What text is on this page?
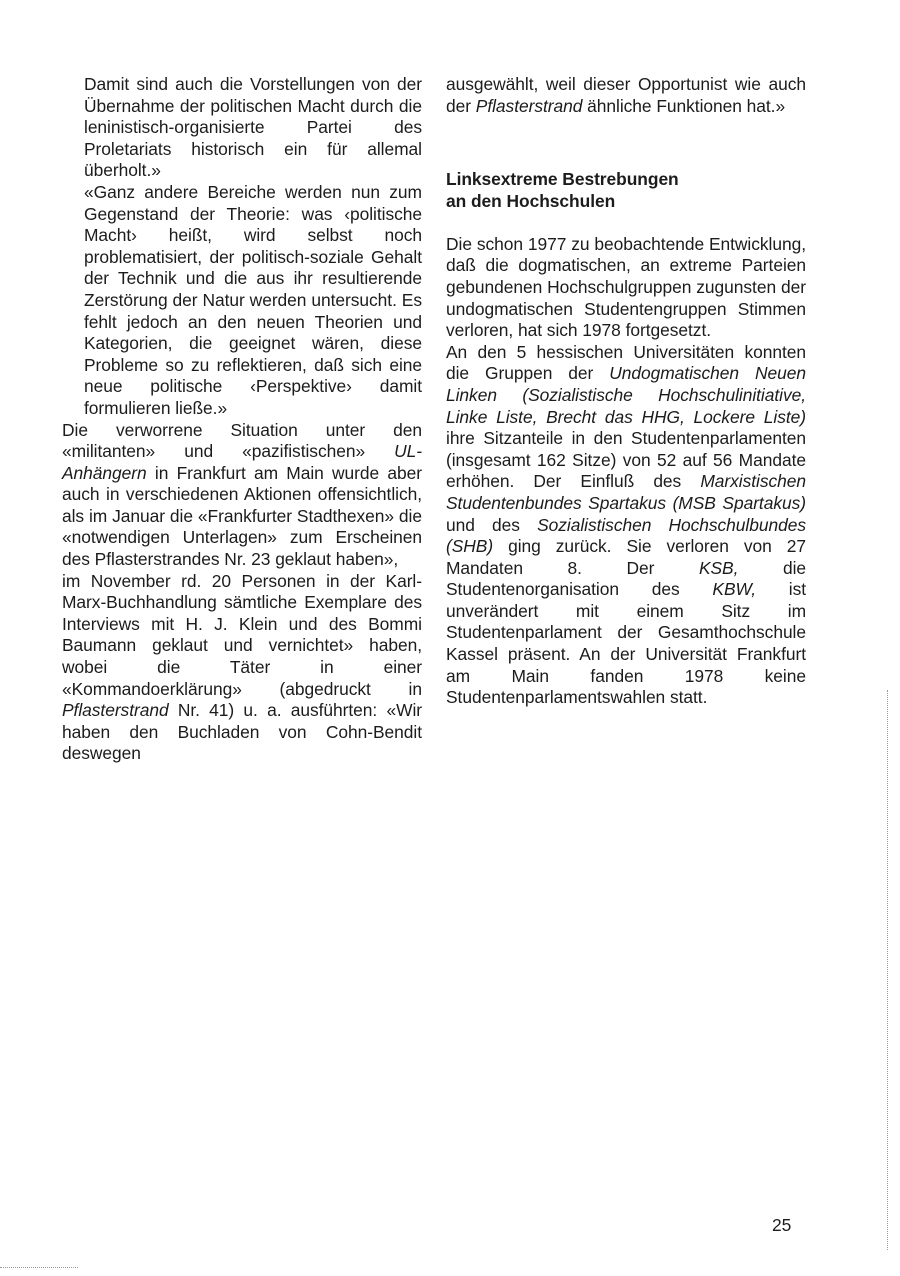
Damit sind auch die Vorstellungen von der Übernahme der politischen Macht durch die leninistisch-organisierte Partei des Proletariats historisch ein für allemal überholt.»

«Ganz andere Bereiche werden nun zum Gegenstand der Theorie: was ‹politische Macht› heißt, wird selbst noch problematisiert, der politisch-soziale Gehalt der Technik und die aus ihr resultierende Zerstörung der Natur werden untersucht. Es fehlt jedoch an den neuen Theorien und Kategorien, die geeignet wären, diese Probleme so zu reflektieren, daß sich eine neue politische ‹Perspektive› damit formulieren ließe.»

Die verworrene Situation unter den «militanten» und «pazifistischen» UL-Anhängern in Frankfurt am Main wurde aber auch in verschiedenen Aktionen offensichtlich, als im Januar die «Frankfurter Stadthexen» die «notwendigen Unterlagen» zum Erscheinen des Pflasterstrandes Nr. 23 geklaut haben»,

im November rd. 20 Personen in der Karl-Marx-Buchhandlung sämtliche Exemplare des Interviews mit H. J. Klein und des Bommi Baumann geklaut und vernichtet» haben, wobei die Täter in einer «Kommandoerklärung» (abgedruckt in Pflasterstrand Nr. 41) u. a. ausführten: «Wir haben den Buchladen von Cohn-Bendit deswegen

ausgewählt, weil dieser Opportunist wie auch der Pflasterstrand ähnliche Funktionen hat.»

Linksextreme Bestrebungen
an den Hochschulen

Die schon 1977 zu beobachtende Entwicklung, daß die dogmatischen, an extreme Parteien gebundenen Hochschulgruppen zugunsten der undogmatischen Studentengruppen Stimmen verloren, hat sich 1978 fortgesetzt.

An den 5 hessischen Universitäten konnten die Gruppen der Undogmatischen Neuen Linken (Sozialistische Hochschulinitiative, Linke Liste, Brecht das HHG, Lockere Liste) ihre Sitzanteile in den Studentenparlamenten (insgesamt 162 Sitze) von 52 auf 56 Mandate erhöhen. Der Einfluß des Marxistischen Studentenbundes Spartakus (MSB Spartakus) und des Sozialistischen Hochschulbundes (SHB) ging zurück. Sie verloren von 27 Mandaten 8. Der KSB, die Studentenorganisation des KBW, ist unverändert mit einem Sitz im Studentenparlament der Gesamthochschule Kassel präsent. An der Universität Frankfurt am Main fanden 1978 keine Studentenparlamentswahlen statt.

25
